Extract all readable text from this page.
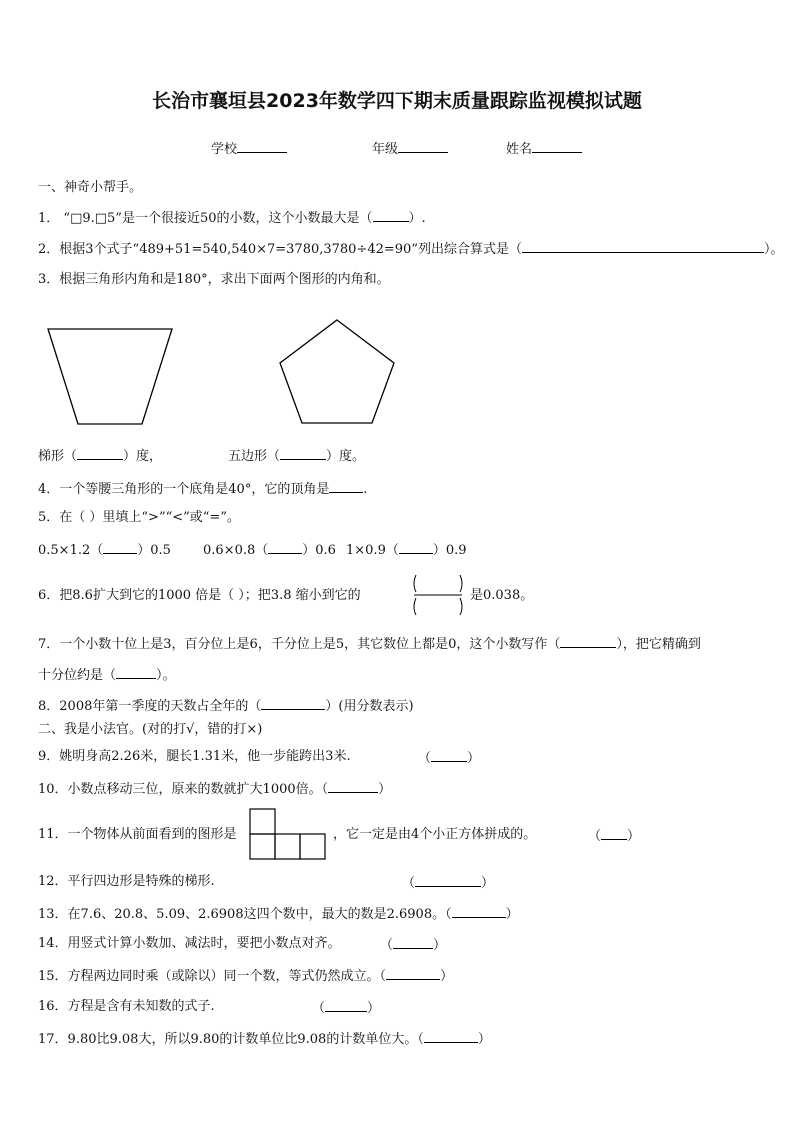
长治市襄垣县2023年数学四下期末质量跟踪监视模拟试题
学校	年级	姓名
一、神奇小帮手。
1． “□9.□5”是一个很接近50的小数，这个小数最大是（	）.
2．根据3个式子“489+51=540,540×7=3780,3780÷42=90”列出综合算式是（	）。
3．根据三角形内角和是180°，求出下面两个图形的内角和。
梯形（	）度，	五边形（	）度。
4．一个等腰三角形的一个底角是40°，它的顶角是	.
5．在（ ）里填上“>”“<”或“=”。
0.5×1.2（	）0.5 0.6×0.8（	）0.6 1×0.9（	）0.9
6．把8.6扩大到它的1000 倍是（ ）；把3.8 缩小到它的	是0.038。
7．一个小数十位上是3，百分位上是6，千分位上是5，其它数位上都是0，这个小数写作（	），把它精确到
十分位约是（	）。
8．2008年第一季度的天数占全年的（	）(用分数表示)
二、我是小法官。(对的打√，错的打×)
9．姚明身高2.26米，腿长1.31米，他一步能跨出3米.	（	）
10．小数点移动三位，原来的数就扩大1000倍。（	）
11．一个物体从前面看到的图形是	，它一定是由4个小正方体拼成的。	（ ）
12．平行四边形是特殊的梯形.	（	）
13．在7.6、20.8、5.09、2.6908这四个数中，最大的数是2.6908。（	）
14．用竖式计算小数加、减法时，要把小数点对齐。	（	）
15．方程两边同时乘（或除以）同一个数，等式仍然成立。（	）
16．方程是含有未知数的式子.	（	）
17．9.80比9.08大，所以9.80的计数单位比9.08的计数单位大。（	）
